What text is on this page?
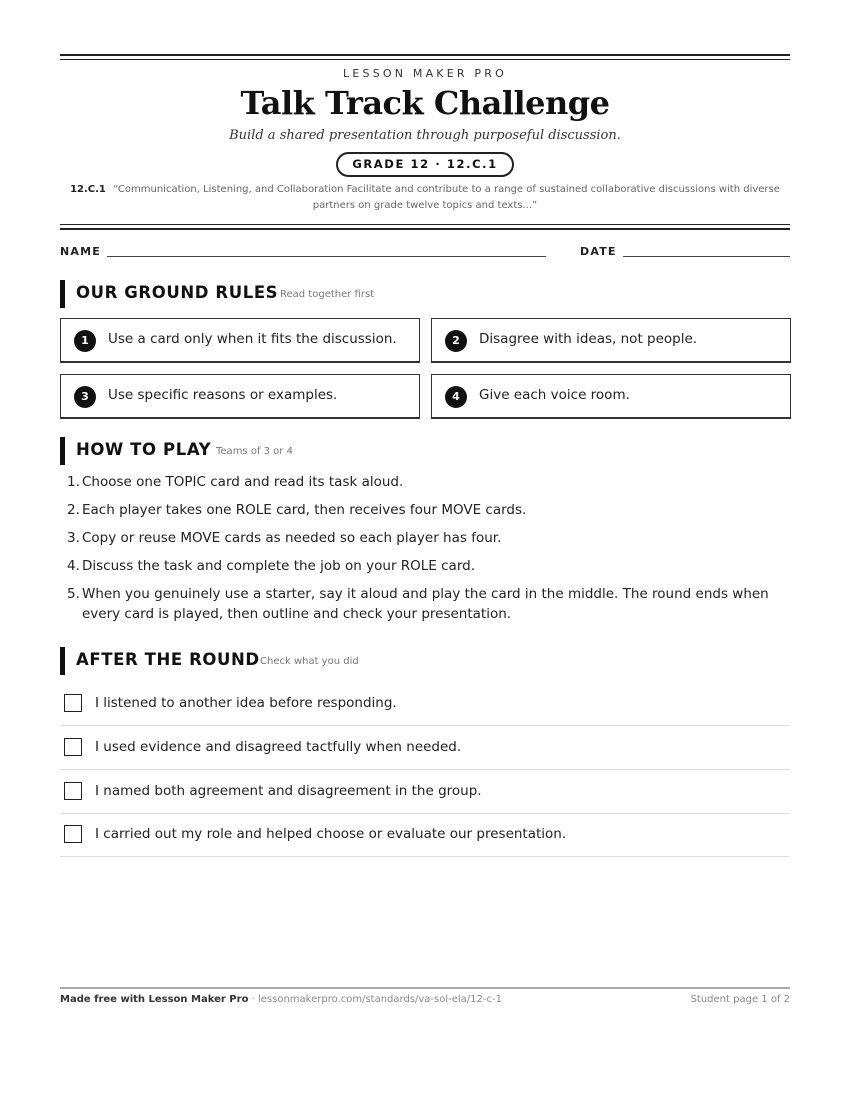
LESSON MAKER PRO
Talk Track Challenge
Build a shared presentation through purposeful discussion.
GRADE 12 · 12.C.1
12.C.1 “Communication, Listening, and Collaboration Facilitate and contribute to a range of sustained collaborative discussions with diverse partners on grade twelve topics and texts...”
NAME	DATE
OUR GROUND RULES Read together first
1	Use a card only when it fits the discussion.	2	Disagree with ideas, not people.
3	Use specific reasons or examples.	4	Give each voice room.
HOW TO PLAY Teams of 3 or 4
1. Choose one TOPIC card and read its task aloud.
2. Each player takes one ROLE card, then receives four MOVE cards.
3. Copy or reuse MOVE cards as needed so each player has four.
4. Discuss the task and complete the job on your ROLE card.
5. When you genuinely use a starter, say it aloud and play the card in the middle. The round ends when every card is played, then outline and check your presentation.
AFTER THE ROUND Check what you did
I listened to another idea before responding.
I used evidence and disagreed tactfully when needed.
I named both agreement and disagreement in the group.
I carried out my role and helped choose or evaluate our presentation.
Made free with Lesson Maker Pro · lessonmakerpro.com/standards/va-sol-ela/12-c-1	Student page 1 of 2
